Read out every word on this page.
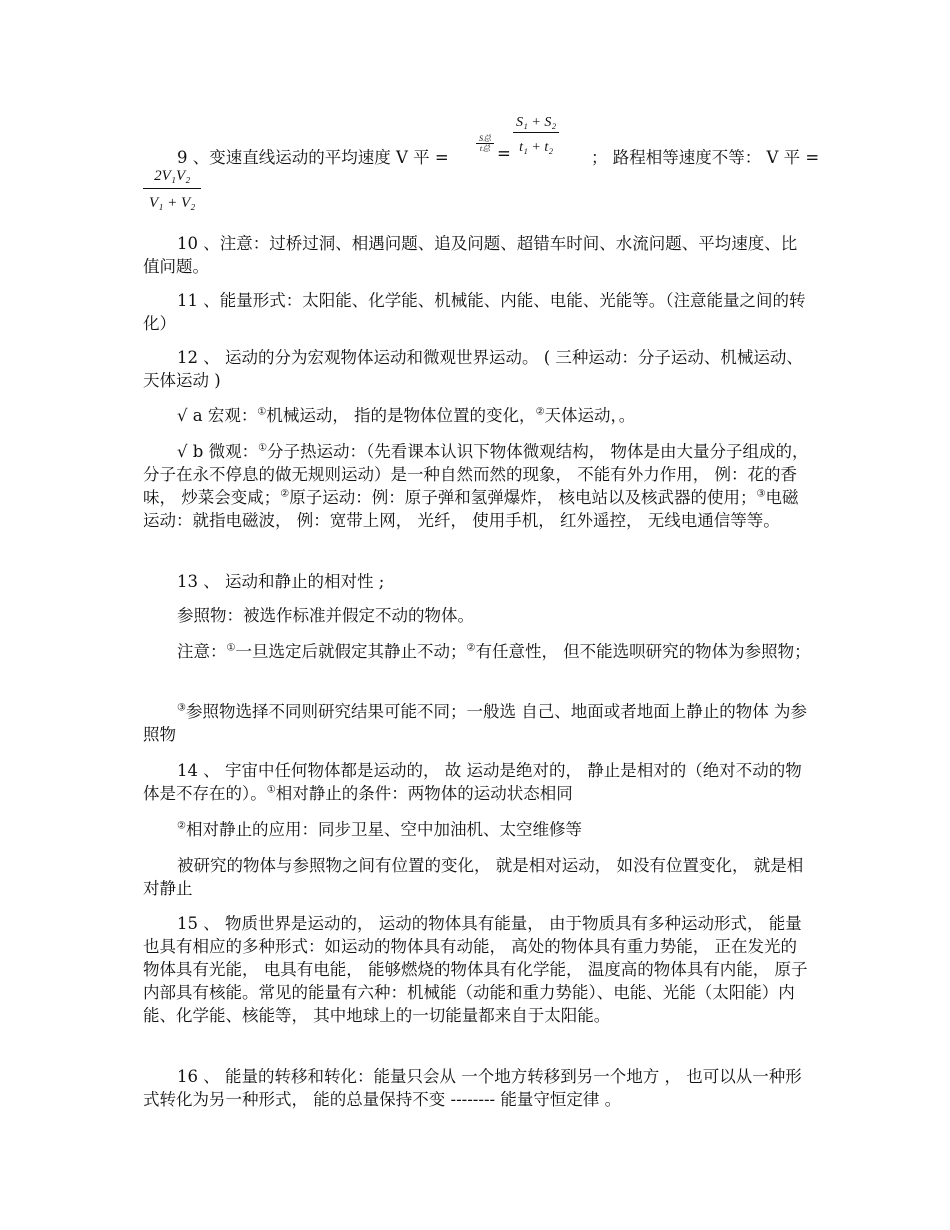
9 、变速直线运动的平均速度 V 平 =
S总
t总 = $\frac{\text{S₁ + S₂}}{\text{t₁ + t₂}}$
； 路程相等速度不等： V 平 =
$\frac{\text{2V₁V₂}}{\text{V₁ + V₂}}$

10 、注意：过桥过洞、相遇问题、追及问题、超错车时间、水流问题、平均速度、比值问题。

11 、能量形式：太阳能、化学能、机械能、内能、电能、光能等。（注意能量之间的转化）

12 、 运动的分为宏观物体运动和微观世界运动。 ( 三种运动：分子运动、机械运动、天体运动 )

√ a 宏观：①机械运动， 指的是物体位置的变化，②天体运动，。

√ b 微观：①分子热运动：（先看课本认识下物体微观结构， 物体是由大量分子组成的， 分子在永不停息的做无规则运动）是一种自然而然的现象， 不能有外力作用， 例：花的香味， 炒菜会变咸；②原子运动：例：原子弹和氢弹爆炸， 核电站以及核武器的使用；③电磁运动：就指电磁波， 例：宽带上网， 光纤， 使用手机， 红外遥控， 无线电通信等等。

13 、 运动和静止的相对性 ;

参照物：被选作标准并假定不动的物体。

注意：①一旦选定后就假定其静止不动；②有任意性， 但不能选呗研究的物体为参照物；

③参照物选择不同则研究结果可能不同；一般选 自己、地面或者地面上静止的物体 为参照物

14 、 宇宙中任何物体都是运动的， 故 运动是绝对的， 静止是相对的（绝对不动的物体是不存在的）。①相对静止的条件：两物体的运动状态相同

②相对静止的应用：同步卫星、空中加油机、太空维修等

被研究的物体与参照物之间有位置的变化， 就是相对运动， 如没有位置变化， 就是相对静止

15 、 物质世界是运动的， 运动的物体具有能量， 由于物质具有多种运动形式， 能量也具有相应的多种形式：如运动的物体具有动能， 高处的物体具有重力势能， 正在发光的物体具有光能， 电具有电能， 能够燃烧的物体具有化学能， 温度高的物体具有内能， 原子内部具有核能。常见的能量有六种：机械能（动能和重力势能）、电能、光能（太阳能）内能、化学能、核能等， 其中地球上的一切能量都来自于太阳能。

16 、 能量的转移和转化：能量只会从 一个地方转移到另一个地方 ， 也可以从一种形式转化为另一种形式， 能的总量保持不变 -------- 能量守恒定律 。
